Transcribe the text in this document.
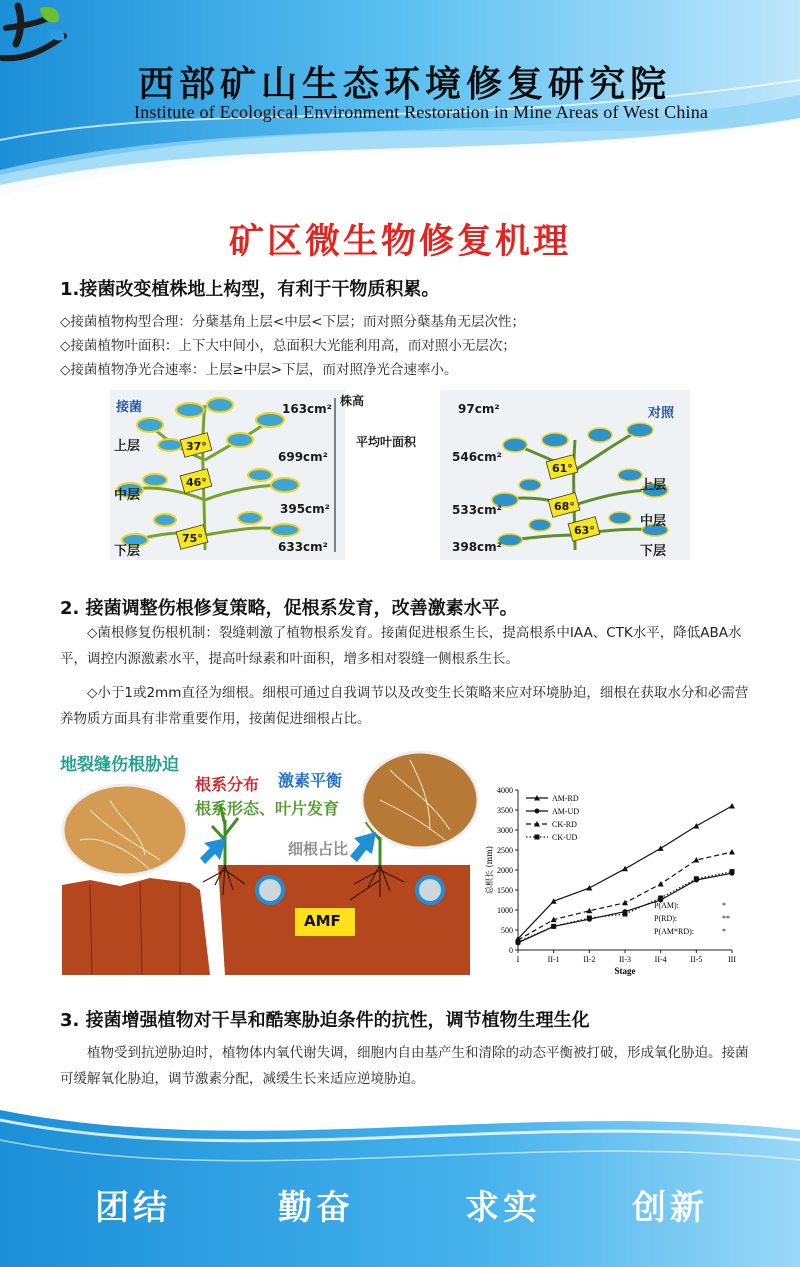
西部矿山生态环境修复研究院
Institute of Ecological Environment Restoration in Mine Areas of West China
矿区微生物修复机理
1.接菌改变植株地上构型，有利于干物质积累。
◇接菌植物构型合理：分蘖基角上层<中层<下层；而对照分蘖基角无层次性；
◇接菌植物叶面积：上下大中间小，总面积大光能利用高，而对照小无层次；
◇接菌植物净光合速率：上层≥中层>下层，而对照净光合速率小。
接菌	对照
株高
平均叶面积
上层
中层
下层
上层
中层
下层
163cm²
699cm²
395cm²
633cm²
97cm²
546cm²
533cm²
398cm²
37°
46°
75°
61°
68°
63°
2. 接菌调整伤根修复策略，促根系发育，改善激素水平。
◇菌根修复伤根机制：裂缝刺激了植物根系发育。接菌促进根系生长，提高根系中IAA、CTK水平，降低ABA水平，调控内源激素水平，提高叶绿素和叶面积，增多相对裂缝一侧根系生长。
◇小于1或2mm直径为细根。细根可通过自我调节以及改变生长策略来应对环境胁迫，细根在获取水分和必需营养物质方面具有非常重要作用，接菌促进细根占比。
地裂缝伤根胁迫
根系分布 激素平衡
根系形态、叶片发育
细根占比
AMF
0
500
1000
1500
2000
2500
3000
3500
4000
I	II-1	II-2	II-3	II-4	II-5	III
Stage
总根长 (mm)
AM-RD
AM-UD
CK-RD
CK-UD
P(AM):	*
P(RD):	**
P(AM*RD):	*
3. 接菌增强植物对干旱和酷寒胁迫条件的抗性，调节植物生理生化
植物受到抗逆胁迫时，植物体内氧代谢失调，细胞内自由基产生和清除的动态平衡被打破，形成氧化胁迫。接菌可缓解氧化胁迫，调节激素分配，减缓生长来适应逆境胁迫。
团结	勤奋	求实	创新
